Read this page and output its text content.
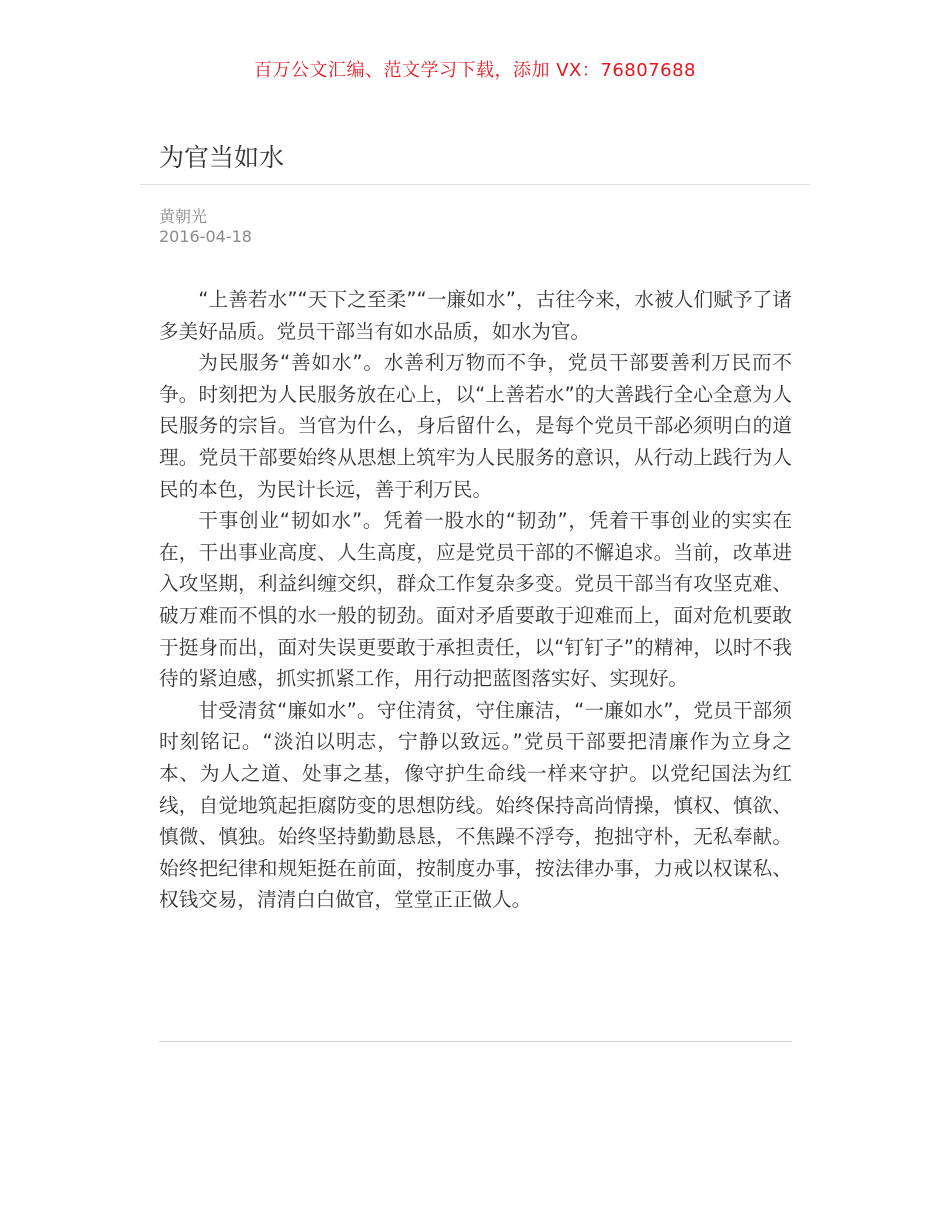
百万公文汇编、范文学习下载，添加 VX：76807688
为官当如水
黄朝光
2016-04-18

“上善若水”“天下之至柔”“一廉如水”，古往今来，水被人们赋予了诸多美好品质。党员干部当有如水品质，如水为官。

为民服务“善如水”。水善利万物而不争，党员干部要善利万民而不争。时刻把为人民服务放在心上，以“上善若水”的大善践行全心全意为人民服务的宗旨。当官为什么，身后留什么，是每个党员干部必须明白的道理。党员干部要始终从思想上筑牢为人民服务的意识，从行动上践行为人民的本色，为民计长远，善于利万民。

干事创业“韧如水”。凭着一股水的“韧劲”，凭着干事创业的实实在在，干出事业高度、人生高度，应是党员干部的不懈追求。当前，改革进入攻坚期，利益纠缠交织，群众工作复杂多变。党员干部当有攻坚克难、破万难而不惧的水一般的韧劲。面对矛盾要敢于迎难而上，面对危机要敢于挺身而出，面对失误更要敢于承担责任，以“钉钉子”的精神，以时不我待的紧迫感，抓实抓紧工作，用行动把蓝图落实好、实现好。

甘受清贫“廉如水”。守住清贫，守住廉洁，“一廉如水”，党员干部须时刻铭记。“淡泊以明志，宁静以致远。”党员干部要把清廉作为立身之本、为人之道、处事之基，像守护生命线一样来守护。以党纪国法为红线，自觉地筑起拒腐防变的思想防线。始终保持高尚情操，慎权、慎欲、慎微、慎独。始终坚持勤勤恳恳，不焦躁不浮夸，抱拙守朴，无私奉献。始终把纪律和规矩挺在前面，按制度办事，按法律办事，力戒以权谋私、权钱交易，清清白白做官，堂堂正正做人。
